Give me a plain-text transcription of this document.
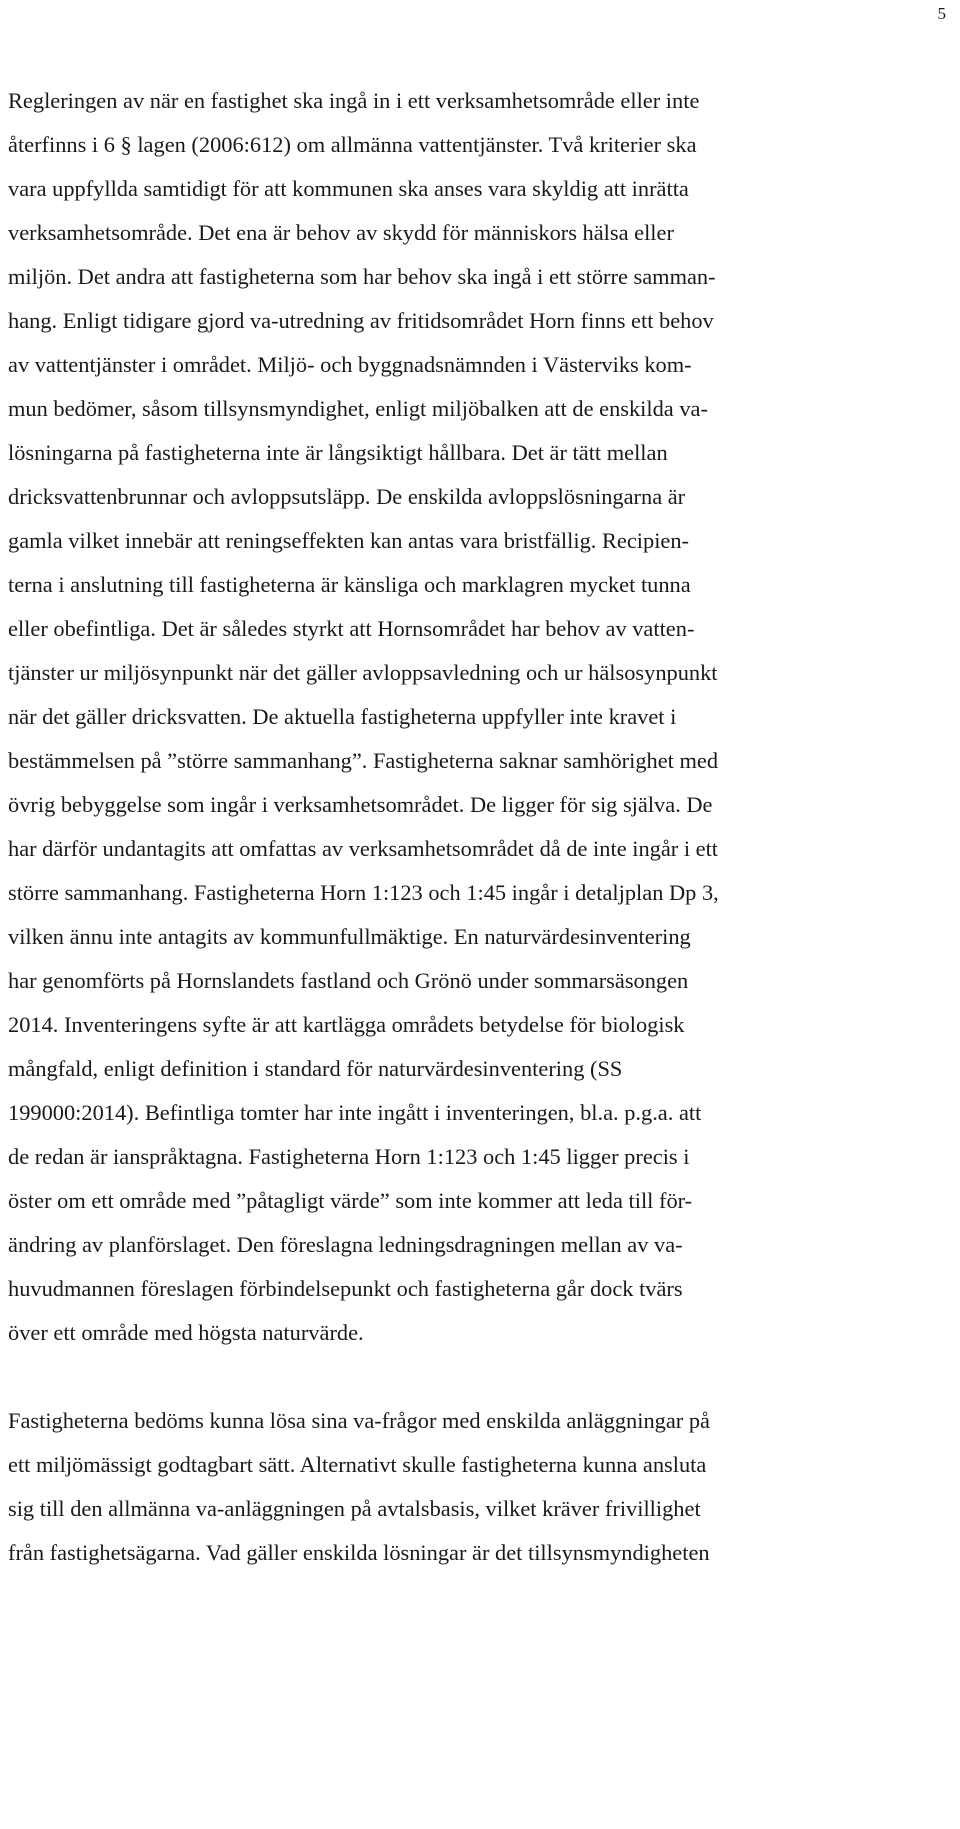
5
Regleringen av när en fastighet ska ingå in i ett verksamhetsområde eller inte
återfinns i 6 § lagen (2006:612) om allmänna vattentjänster. Två kriterier ska
vara uppfyllda samtidigt för att kommunen ska anses vara skyldig att inrätta
verksamhetsområde. Det ena är behov av skydd för människors hälsa eller
miljön. Det andra att fastigheterna som har behov ska ingå i ett större samman-
hang. Enligt tidigare gjord va-utredning av fritidsområdet Horn finns ett behov
av vattentjänster i området. Miljö- och byggnadsnämnden i Västerviks kom-
mun bedömer, såsom tillsynsmyndighet, enligt miljöbalken att de enskilda va-
lösningarna på fastigheterna inte är långsiktigt hållbara. Det är tätt mellan
dricksvattenbrunnar och avloppsutsläpp. De enskilda avloppslösningarna är
gamla vilket innebär att reningseffekten kan antas vara bristfällig. Recipien-
terna i anslutning till fastigheterna är känsliga och marklagren mycket tunna
eller obefintliga. Det är således styrkt att Hornsområdet har behov av vatten-
tjänster ur miljösynpunkt när det gäller avloppsavledning och ur hälsosynpunkt
när det gäller dricksvatten. De aktuella fastigheterna uppfyller inte kravet i
bestämmelsen på ”större sammanhang”. Fastigheterna saknar samhörighet med
övrig bebyggelse som ingår i verksamhetsområdet. De ligger för sig själva. De
har därför undantagits att omfattas av verksamhetsområdet då de inte ingår i ett
större sammanhang. Fastigheterna Horn 1:123 och 1:45 ingår i detaljplan Dp 3,
vilken ännu inte antagits av kommunfullmäktige. En naturvärdesinventering
har genomförts på Hornslandets fastland och Grönö under sommarsäsongen
2014. Inventeringens syfte är att kartlägga områdets betydelse för biologisk
mångfald, enligt definition i standard för naturvärdesinventering (SS
199000:2014). Befintliga tomter har inte ingått i inventeringen, bl.a. p.g.a. att
de redan är ianspråktagna. Fastigheterna Horn 1:123 och 1:45 ligger precis i
öster om ett område med ”påtagligt värde” som inte kommer att leda till för-
ändring av planförslaget. Den föreslagna ledningsdragningen mellan av va-
huvudmannen föreslagen förbindelsepunkt och fastigheterna går dock tvärs
över ett område med högsta naturvärde.
Fastigheterna bedöms kunna lösa sina va-frågor med enskilda anläggningar på
ett miljömässigt godtagbart sätt. Alternativt skulle fastigheterna kunna ansluta
sig till den allmänna va-anläggningen på avtalsbasis, vilket kräver frivillighet
från fastighetsägarna. Vad gäller enskilda lösningar är det tillsynsmyndigheten
